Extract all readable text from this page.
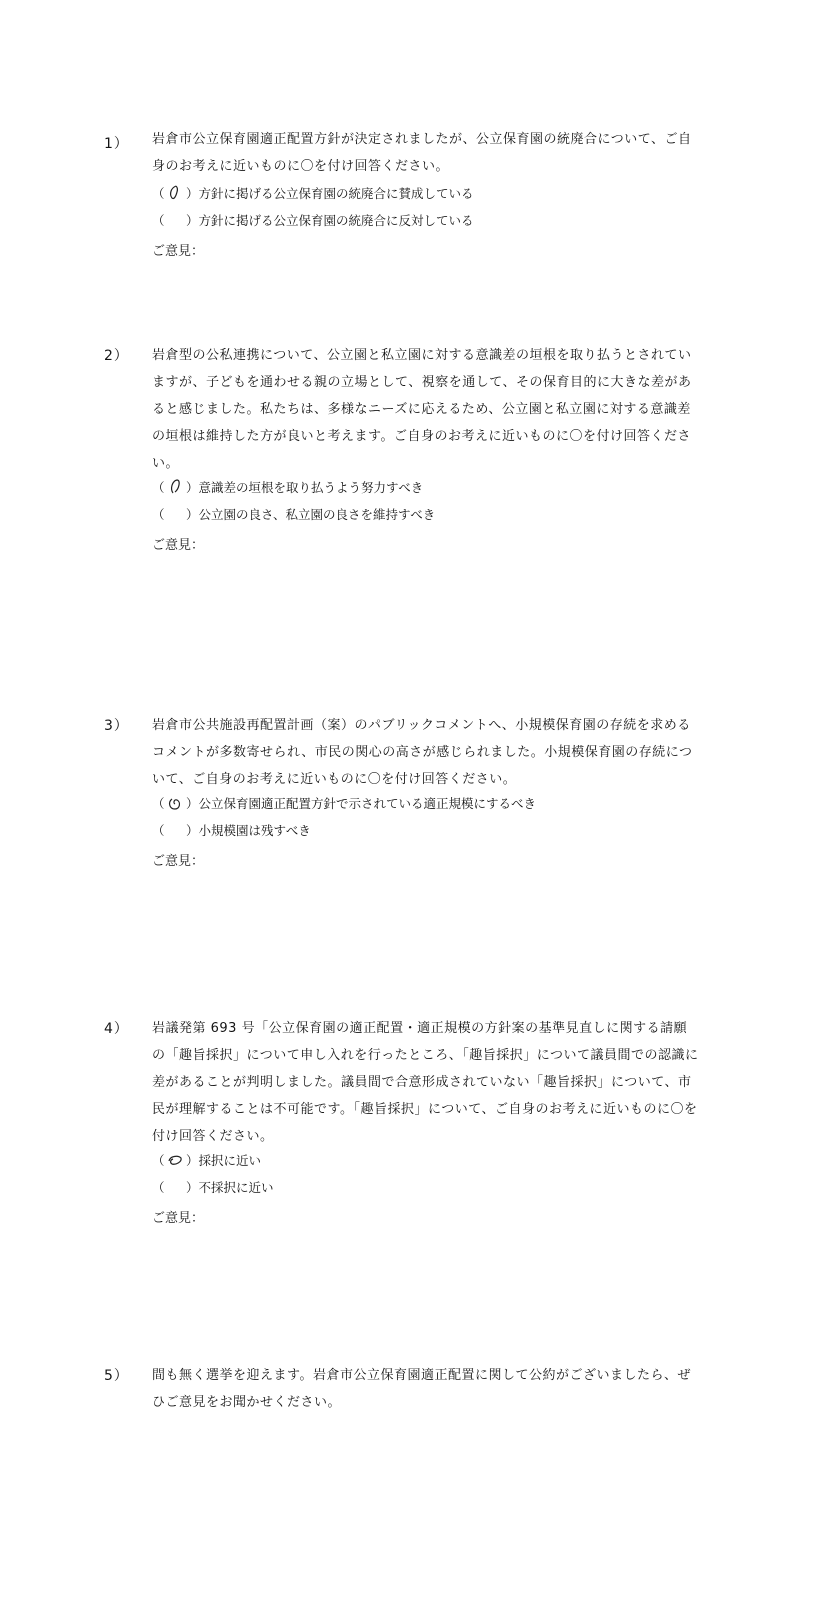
1） 岩倉市公立保育園適正配置方針が決定されましたが、公立保育園の統廃合について、ご自身のお考えに近いものに〇を付け回答ください。
（ ）方針に掲げる公立保育園の統廃合に賛成している
（ ）方針に掲げる公立保育園の統廃合に反対している
ご意見：
2） 岩倉型の公私連携について、公立園と私立園に対する意識差の垣根を取り払うとされていますが、子どもを通わせる親の立場として、視察を通して、その保育目的に大きな差があると感じました。私たちは、多様なニーズに応えるため、公立園と私立園に対する意識差の垣根は維持した方が良いと考えます。ご自身のお考えに近いものに〇を付け回答ください。
（ ）意識差の垣根を取り払うよう努力すべき
（ ）公立園の良さ、私立園の良さを維持すべき
ご意見：
3） 岩倉市公共施設再配置計画（案）のパブリックコメントへ、小規模保育園の存続を求めるコメントが多数寄せられ、市民の関心の高さが感じられました。小規模保育園の存続について、ご自身のお考えに近いものに〇を付け回答ください。
（ ）公立保育園適正配置方針で示されている適正規模にするべき
（ ）小規模園は残すべき
ご意見：
4） 岩議発第 693 号「公立保育園の適正配置・適正規模の方針案の基準見直しに関する請願の「趣旨採択」について申し入れを行ったところ、「趣旨採択」について議員間での認識に差があることが判明しました。議員間で合意形成されていない「趣旨採択」について、市民が理解することは不可能です。「趣旨採択」について、ご自身のお考えに近いものに〇を付け回答ください。
（ ）採択に近い
（ ）不採択に近い
ご意見：
5） 間も無く選挙を迎えます。岩倉市公立保育園適正配置に関して公約がございましたら、ぜひご意見をお聞かせください。
